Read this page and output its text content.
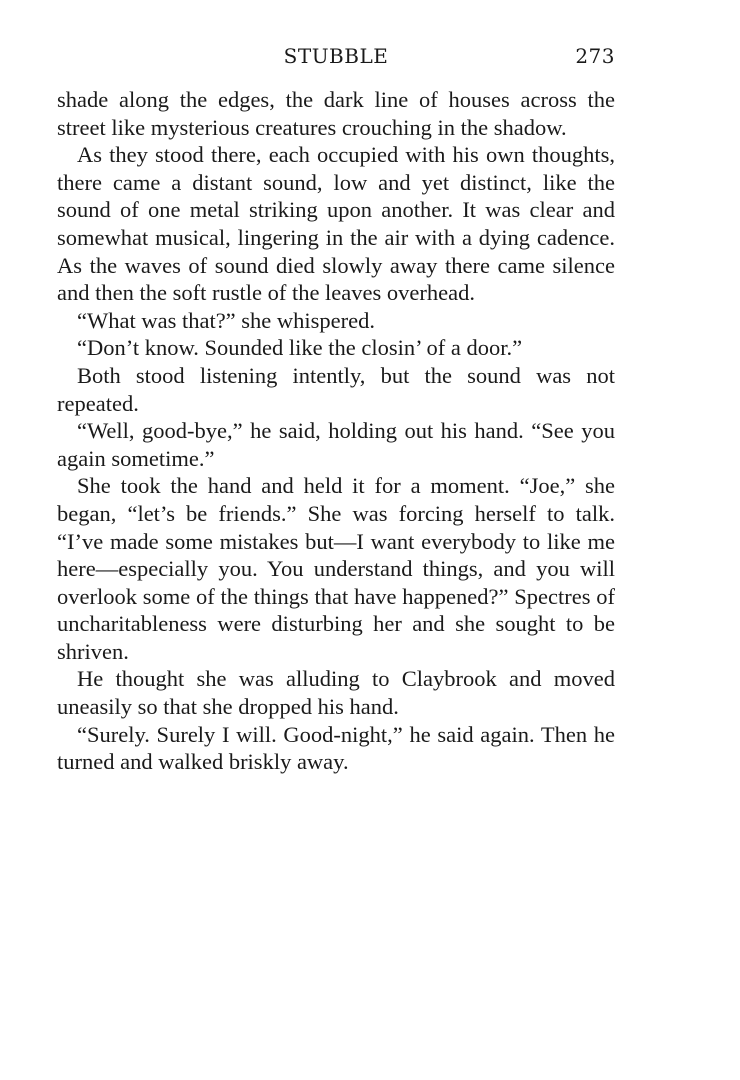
STUBBLE	273

shade along the edges, the dark line of houses across the street like mysterious creatures crouching in the shadow.

As they stood there, each occupied with his own thoughts, there came a distant sound, low and yet distinct, like the sound of one metal striking upon another. It was clear and somewhat musical, lingering in the air with a dying cadence. As the waves of sound died slowly away there came silence and then the soft rustle of the leaves overhead.

“What was that?” she whispered.

“Don’t know. Sounded like the closin’ of a door.”

Both stood listening intently, but the sound was not repeated.

“Well, good-bye,” he said, holding out his hand. “See you again sometime.”

She took the hand and held it for a moment. “Joe,” she began, “let’s be friends.” She was forcing herself to talk. “I’ve made some mistakes but—I want everybody to like me here—especially you. You understand things, and you will overlook some of the things that have happened?” Spectres of uncharitableness were disturbing her and she sought to be shriven.

He thought she was alluding to Claybrook and moved uneasily so that she dropped his hand.

“Surely. Surely I will. Good-night,” he said again. Then he turned and walked briskly away.
